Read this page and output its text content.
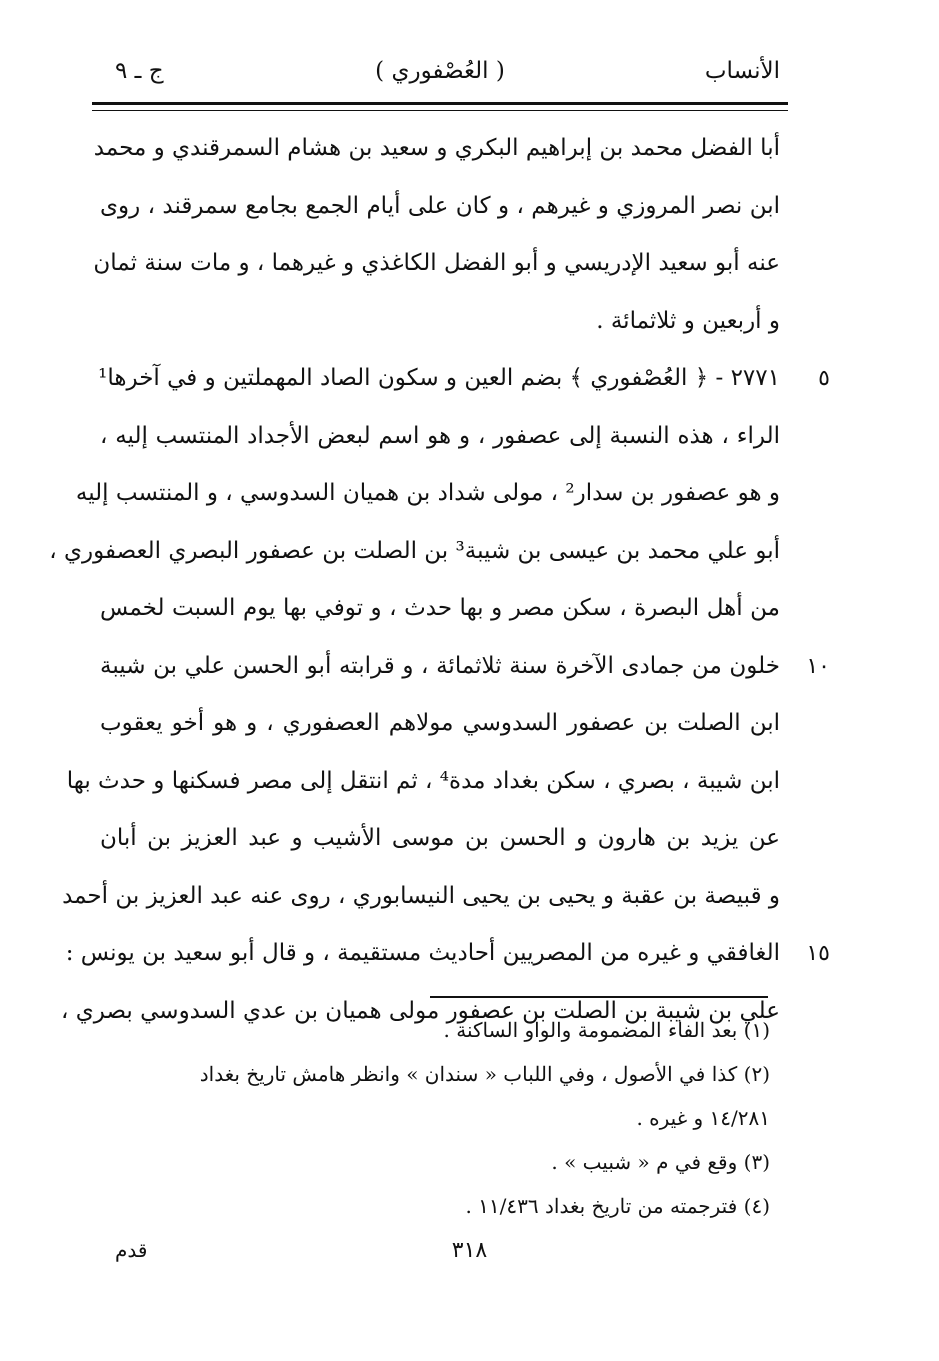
ج ـ ٩	( العُصْفوري )	الأنساب
أبا الفضل محمد بن إبراهيم البكري و سعيد بن هشام السمرقندي و محمد
ابن نصر المروزي و غيرهم ، و كان على أيام الجمع بجامع سمرقند ، روى
عنه أبو سعيد الإدريسي و أبو الفضل الكاغذي و غيرهما ، و مات سنة ثمان
و أربعين و ثلاثمائة .
٢٧٧١ - ﴿ العُصْفوري ﴾ بضم العين و سكون الصاد المهملتين و في آخرها¹	٥
الراء ، هذه النسبة إلى عصفور ، و هو اسم لبعض الأجداد المنتسب إليه ،
و هو عصفور بن سدار² ، مولى شداد بن هميان السدوسي ، و المنتسب إليه
أبو علي محمد بن عيسى بن شيبة³ بن الصلت بن عصفور البصري العصفوري ،
من أهل البصرة ، سكن مصر و بها حدث ، و توفي بها يوم السبت لخمس
خلون من جمادى الآخرة سنة ثلاثمائة ، و قرابته أبو الحسن علي بن شيبة	١٠
ابن الصلت بن عصفور السدوسي مولاهم العصفوري ، و هو أخو يعقوب
ابن شيبة ، بصري ، سكن بغداد مدة⁴ ، ثم انتقل إلى مصر فسكنها و حدث بها
عن يزيد بن هارون و الحسن بن موسى الأشيب و عبد العزيز بن أبان
و قبيصة بن عقبة و يحيى بن يحيى النيسابوري ، روى عنه عبد العزيز بن أحمد
الغافقي و غيره من المصريين أحاديث مستقيمة ، و قال أبو سعيد بن يونس :	١٥
علي بن شيبة بن الصلت بن عصفور مولى هميان بن عدي السدوسي بصري ،
(١) بعد الفاء المضمومة والواو الساكنة .
(٢) كذا في الأصول ، وفي اللباب « سندان » وانظر هامش تاريخ بغداد
١٤/٢٨١ و غيره .
(٣) وقع في م « شبيب » .
(٤) فترجمته من تاريخ بغداد ١١/٤٣٦ .
قدم	٣١٨
